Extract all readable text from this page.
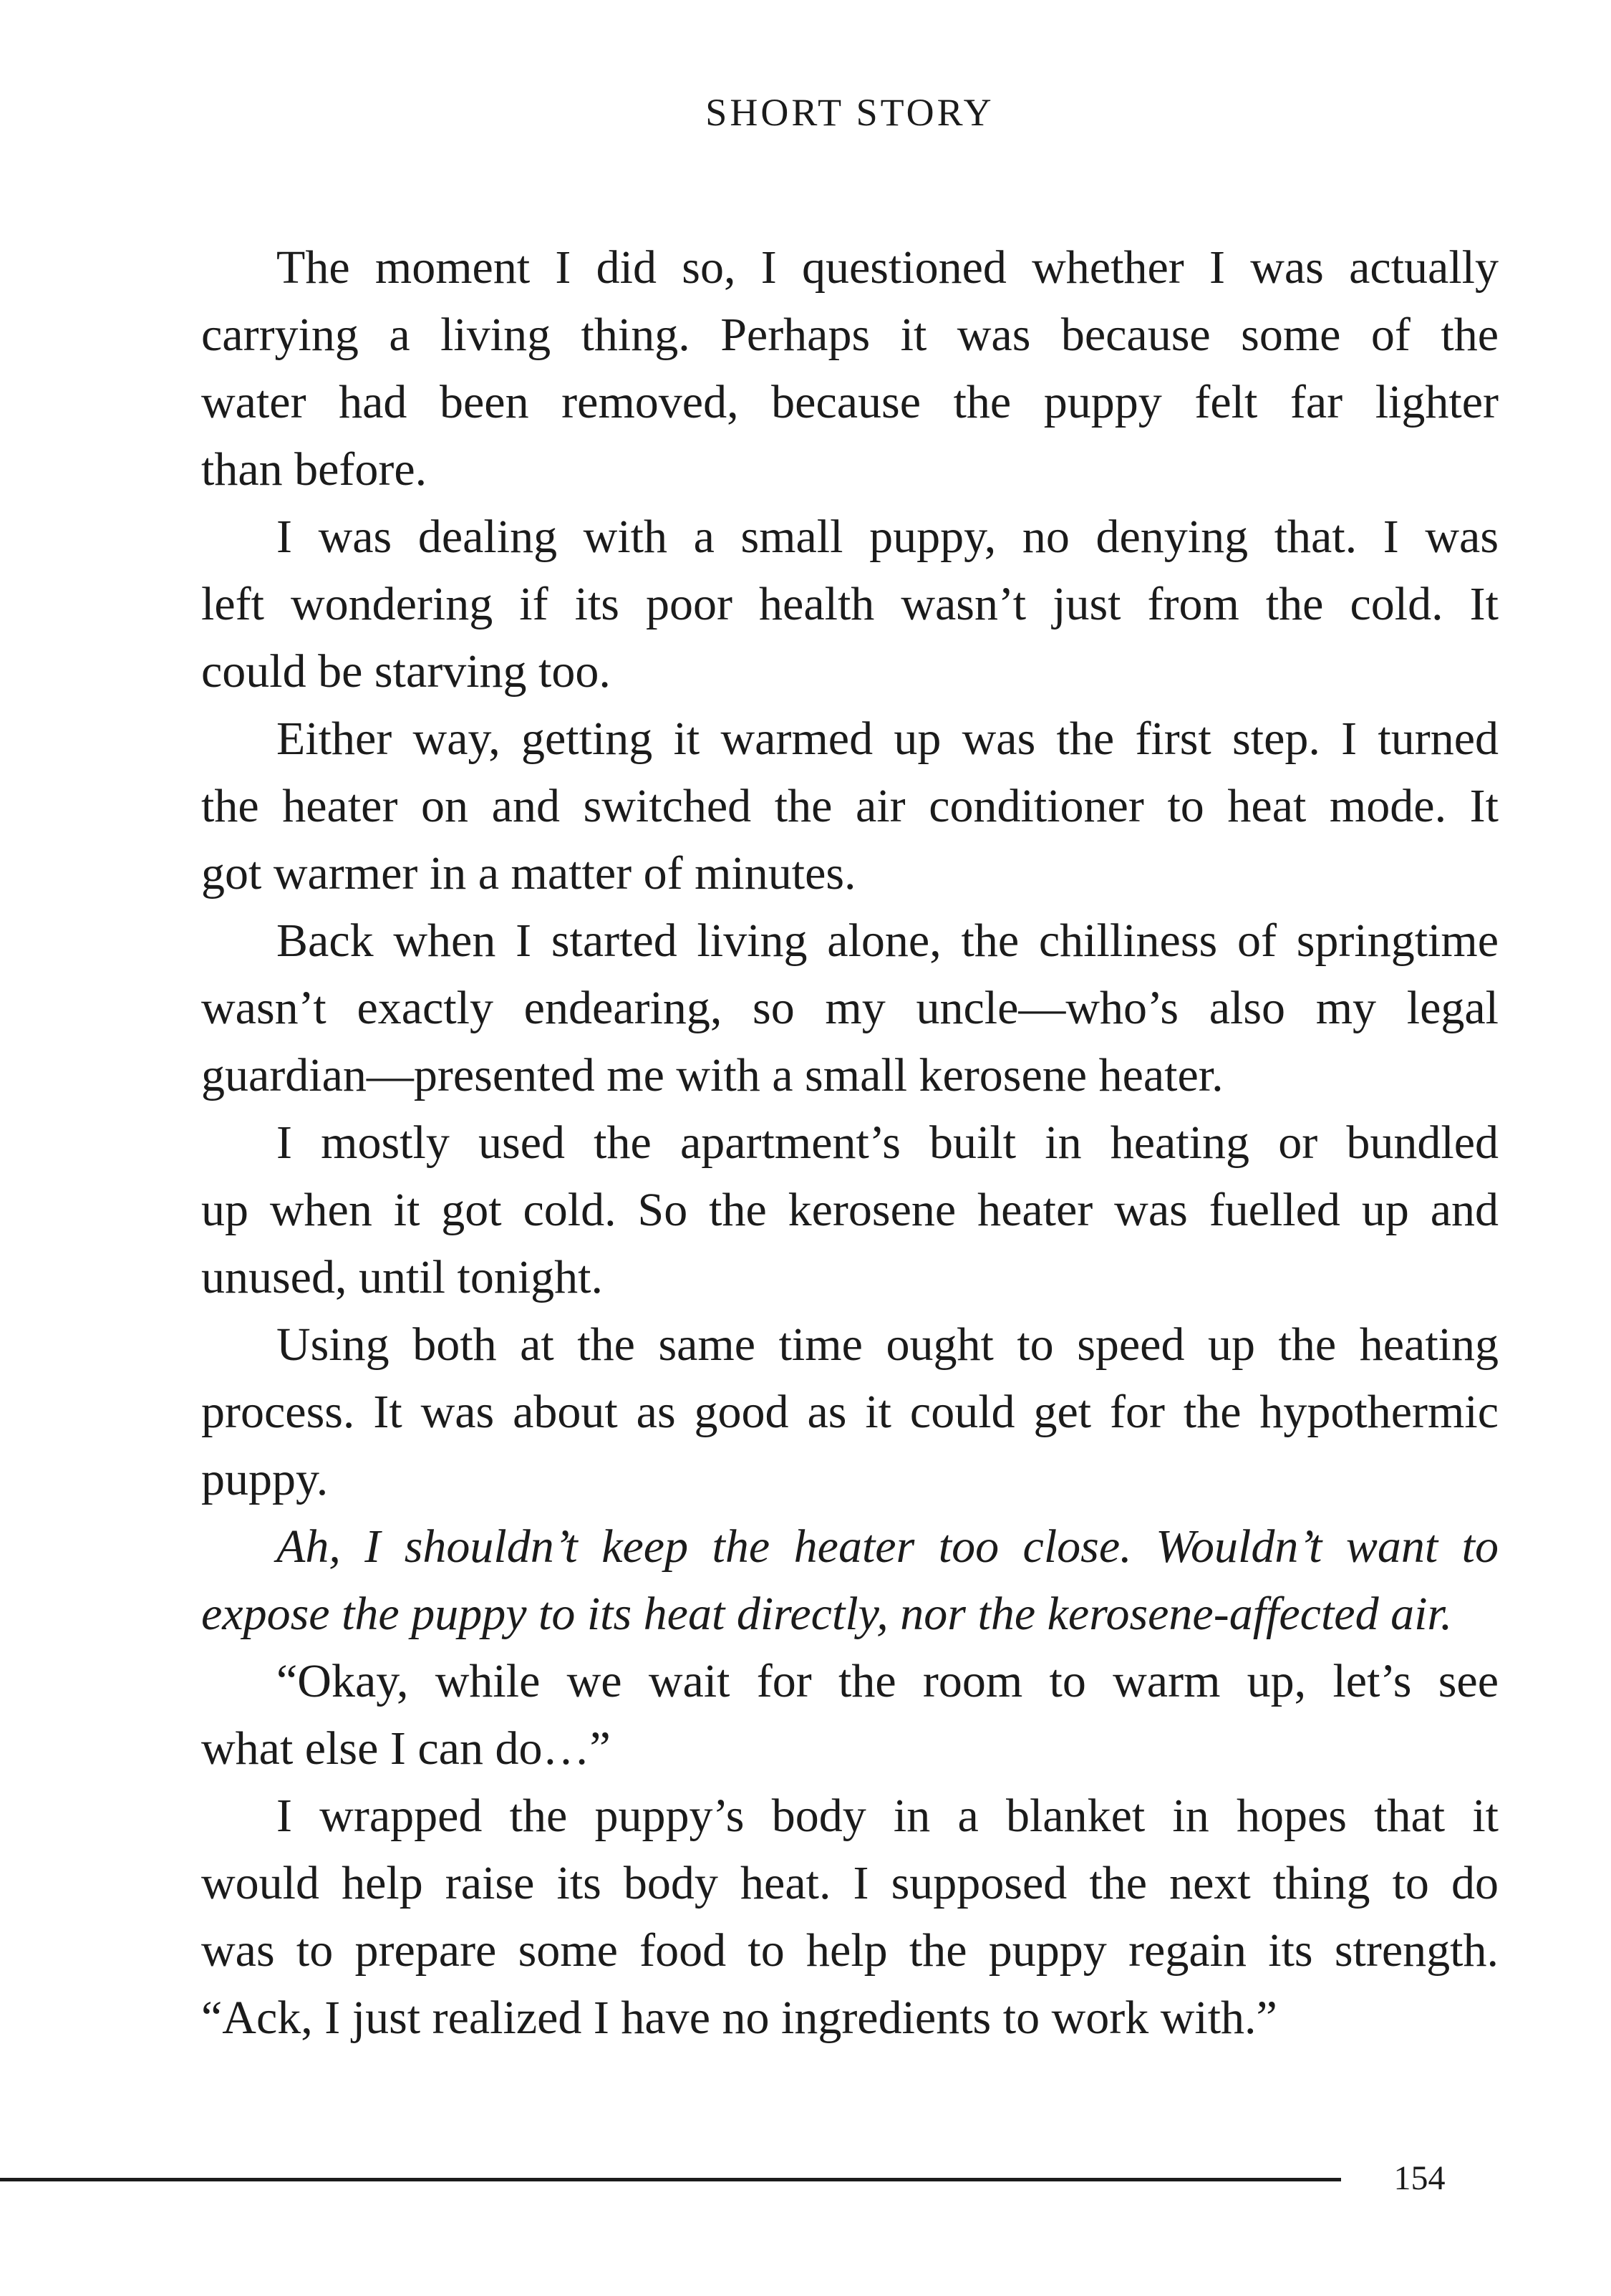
SHORT STORY
The moment I did so, I questioned whether I was actually
carrying a living thing. Perhaps it was because some of the
water had been removed, because the puppy felt far lighter
than before.
I was dealing with a small puppy, no denying that. I was
left wondering if its poor health wasn’t just from the cold. It
could be starving too.
Either way, getting it warmed up was the first step. I turned
the heater on and switched the air conditioner to heat mode. It
got warmer in a matter of minutes.
Back when I started living alone, the chilliness of springtime
wasn’t exactly endearing, so my uncle—who’s also my legal
guardian—presented me with a small kerosene heater.
I mostly used the apartment’s built in heating or bundled
up when it got cold. So the kerosene heater was fuelled up and
unused, until tonight.
Using both at the same time ought to speed up the heating
process. It was about as good as it could get for the hypothermic
puppy.
Ah, I shouldn’t keep the heater too close. Wouldn’t want to
expose the puppy to its heat directly, nor the kerosene-affected air.
“Okay, while we wait for the room to warm up, let’s see
what else I can do…”
I wrapped the puppy’s body in a blanket in hopes that it
would help raise its body heat. I supposed the next thing to do
was to prepare some food to help the puppy regain its strength.
“Ack, I just realized I have no ingredients to work with.”
154
